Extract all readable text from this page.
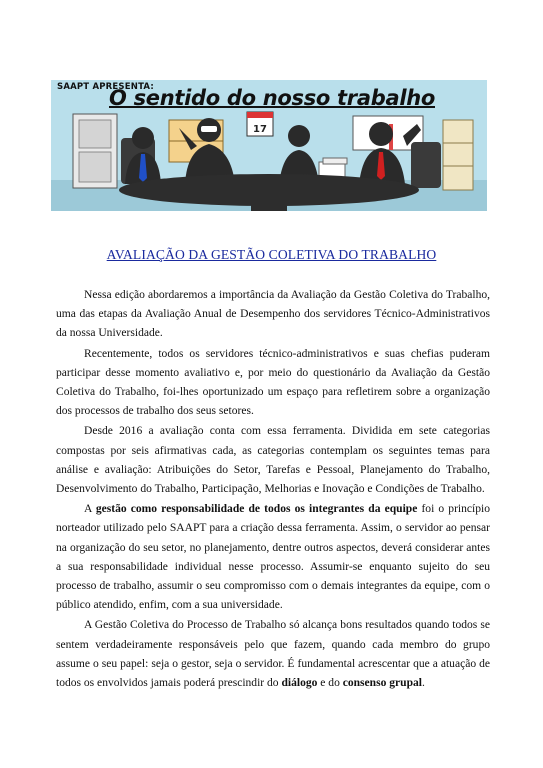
17
SAAPT APRESENTA:
O sentido do nosso trabalho
AVALIAÇÃO DA GESTÃO COLETIVA DO TRABALHO

Nessa edição abordaremos a importância da Avaliação da Gestão Coletiva do Trabalho, uma das etapas da Avaliação Anual de Desempenho dos servidores Técnico-Administrativos da nossa Universidade.

Recentemente, todos os servidores técnico-administrativos e suas chefias puderam participar desse momento avaliativo e, por meio do questionário da Avaliação da Gestão Coletiva do Trabalho, foi-lhes oportunizado um espaço para refletirem sobre a organização dos processos de trabalho dos seus setores.

Desde 2016 a avaliação conta com essa ferramenta. Dividida em sete categorias compostas por seis afirmativas cada, as categorias contemplam os seguintes temas para análise e avaliação: Atribuições do Setor, Tarefas e Pessoal, Planejamento do Trabalho, Desenvolvimento do Trabalho, Participação, Melhorias e Inovação e Condições de Trabalho.

A gestão como responsabilidade de todos os integrantes da equipe foi o princípio norteador utilizado pelo SAAPT para a criação dessa ferramenta. Assim, o servidor ao pensar na organização do seu setor, no planejamento, dentre outros aspectos, deverá considerar antes a sua responsabilidade individual nesse processo. Assumir-se enquanto sujeito do seu processo de trabalho, assumir o seu compromisso com o demais integrantes da equipe, com o público atendido, enfim, com a sua universidade.

A Gestão Coletiva do Processo de Trabalho só alcança bons resultados quando todos se sentem verdadeiramente responsáveis pelo que fazem, quando cada membro do grupo assume o seu papel: seja o gestor, seja o servidor. É fundamental acrescentar que a atuação de todos os envolvidos jamais poderá prescindir do diálogo e do consenso grupal.
